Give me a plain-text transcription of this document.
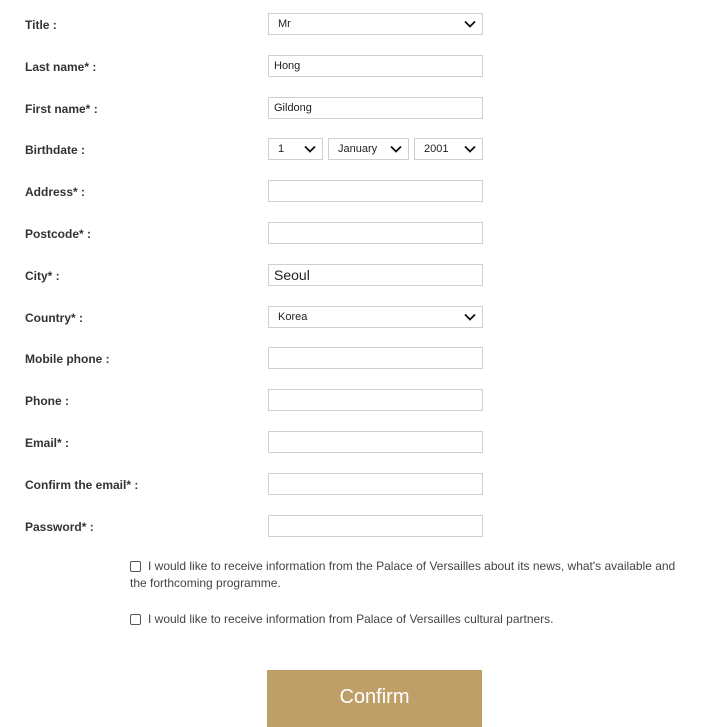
Title :	Mr
Last name* :	Hong
First name* :	Gildong
Birthdate :	1	January	2001
Address* :
Postcode* :
City* :	Seoul
Country* :	Korea
Mobile phone :
Phone :
Email* :
Confirm the email* :
Password* :
I would like to receive information from the Palace of Versailles about its news, what's available and
the forthcoming programme.
I would like to receive information from Palace of Versailles cultural partners.
Confirm
